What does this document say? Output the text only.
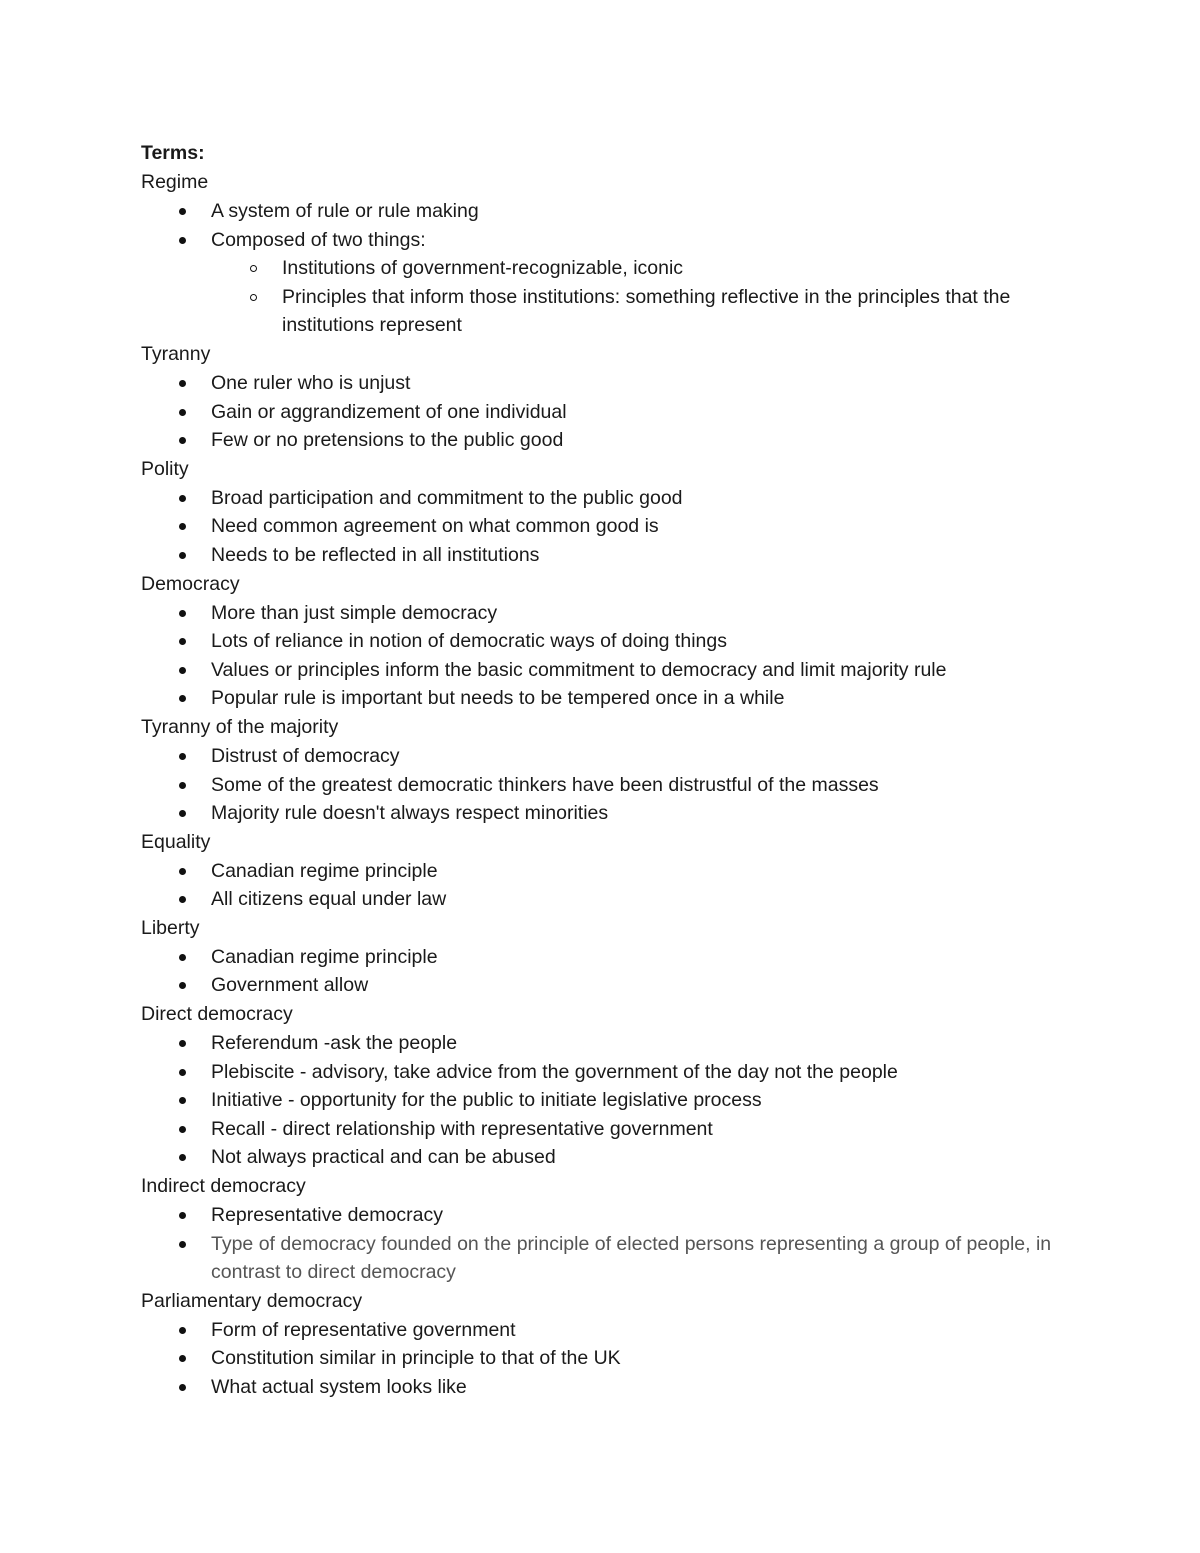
Terms:
Regime
A system of rule or rule making
Composed of two things:
Institutions of government-recognizable, iconic
Principles that inform those institutions: something reflective in the principles that the institutions represent
Tyranny
One ruler who is unjust
Gain or aggrandizement of one individual
Few or no pretensions to the public good
Polity
Broad participation and commitment to the public good
Need common agreement on what common good is
Needs to be reflected in all institutions
Democracy
More than just simple democracy
Lots of reliance in notion of democratic ways of doing things
Values or principles inform the basic commitment to democracy and limit majority rule
Popular rule is important but needs to be tempered once in a while
Tyranny of the majority
Distrust of democracy
Some of the greatest democratic thinkers have been distrustful of the masses
Majority rule doesn't always respect minorities
Equality
Canadian regime principle
All citizens equal under law
Liberty
Canadian regime principle
Government allow
Direct democracy
Referendum -ask the people
Plebiscite - advisory, take advice from the government of the day not the people
Initiative - opportunity for the public to initiate legislative process
Recall - direct relationship with representative government
Not always practical and can be abused
Indirect democracy
Representative democracy
Type of democracy founded on the principle of elected persons representing a group of people, in contrast to direct democracy
Parliamentary democracy
Form of representative government
Constitution similar in principle to that of the UK
What actual system looks like
